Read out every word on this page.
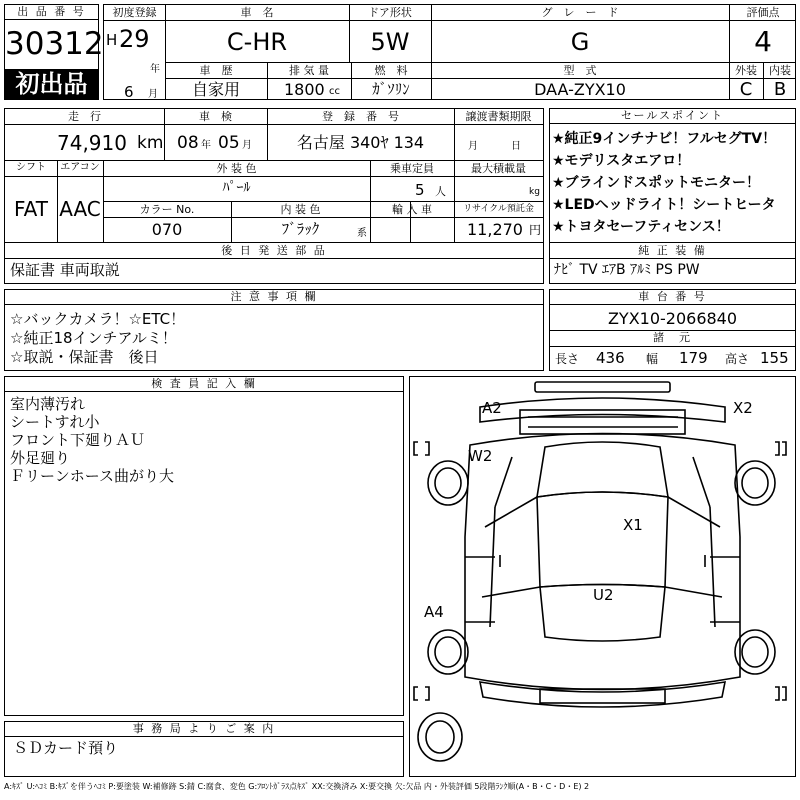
出 品 番 号
30312
初出品
初度登録
H 29
年
6 月
車　名
C-HR
ドア形状
5W
グ　レ　ー　ド
G
評価点
4
車　歴
自家用
排 気 量
1800 cc
燃　料
ｶﾞｿﾘﾝ
型　式
DAA-ZYX10
外装	内装
C	B
走　行
74,910 km
車　検
08 年 05 月
登　録　番　号
名古屋 340ﾔ 134
譲渡書類期限
月	日
シフト
FAT
エアコン
AAC
外 装 色
ﾊﾟｰﾙ
乗車定員
5 人
最大積載量
kg
カラー No.
070
内 装 色
ﾌﾞﾗｯｸ	系
輸 入 車	リサイクル預託金
11,270 円
後 日 発 送 部 品
保証書 車両取説
セールスポイント
★純正9インチナビ！フルセグTV！
★モデリスタエアロ！
★ブラインドスポットモニター！
★LEDヘッドライト！シートヒータ
★トヨタセーフティセンス！
純 正 装 備
ﾅﾋﾞ TV ｴｱB ｱﾙﾐ PS PW
注 意 事 項 欄
☆バックカメラ！☆ETC！
☆純正18インチアルミ！
☆取説・保証書　後日
車 台 番 号
ZYX10-2066840
諸　元
長さ 436 幅 179 高さ 155
検 査 員 記 入 欄
室内薄汚れ
シートすれ小
フロント下廻りＡＵ
外足廻り
Ｆリーンホース曲がり大
事 務 局 よ り ご 案 内
ＳＤカード預り
A2	X2
W2
X1
U2
A4
A:ｷｽﾞ U:ﾍｺﾐ B:ｷｽﾞを伴うﾍｺﾐ P:要塗装 W:補修跡 S:錆 C:腐食、変色 G:ﾌﾛﾝﾄｶﾞﾗｽ点ｷｽﾞ XX:交換済み X:要交換 欠:欠品 内・外装評価 5段階ﾗﾝｸ順(A・B・C・D・E) 2
